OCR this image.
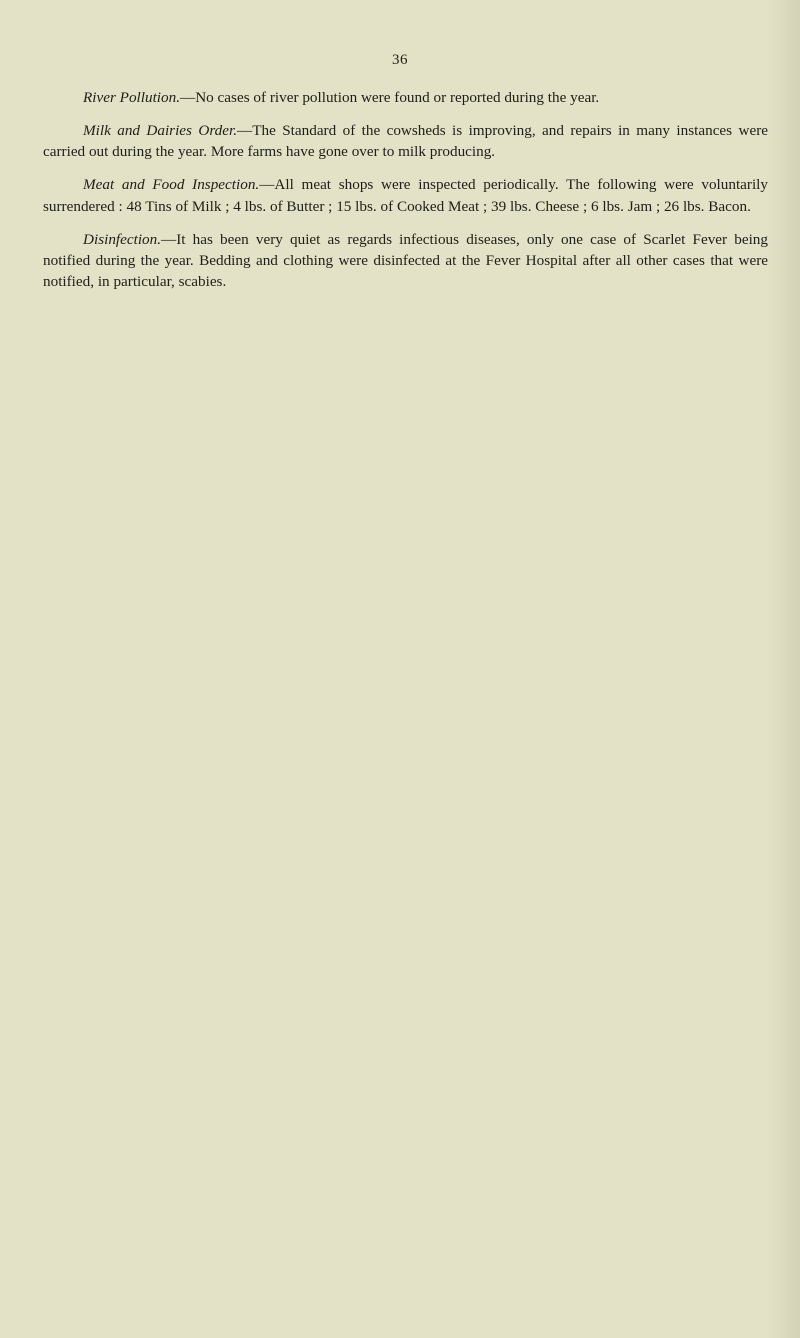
36

River Pollution.—No cases of river pollution were found or reported during the year.

Milk and Dairies Order.—The Standard of the cowsheds is improving, and repairs in many instances were carried out during the year. More farms have gone over to milk producing.

Meat and Food Inspection.—All meat shops were inspected periodically. The following were voluntarily surrendered : 48 Tins of Milk ; 4 lbs. of Butter ; 15 lbs. of Cooked Meat ; 39 lbs. Cheese ; 6 lbs. Jam ; 26 lbs. Bacon.

Disinfection.—It has been very quiet as regards infectious diseases, only one case of Scarlet Fever being notified during the year. Bedding and clothing were disinfected at the Fever Hospital after all other cases that were notified, in particular, scabies.
